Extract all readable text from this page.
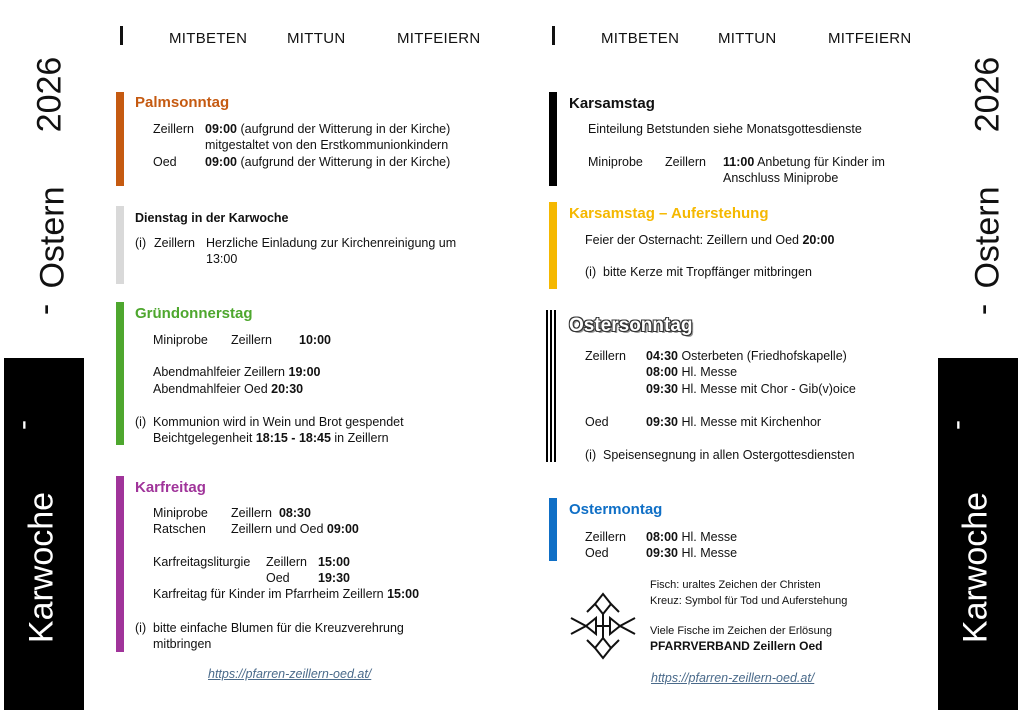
2026
Ostern
-
-
Karwoche
2026
Ostern
-
-
Karwoche
MITBETEN	MITTUN	MITFEIERN	MITBETEN	MITTUN	MITFEIERN
Palmsonntag
Zeillern 09:00 (aufgrund der Witterung in der Kirche)
mitgestaltet von den Erstkommunionkindern
Oed 09:00 (aufgrund der Witterung in der Kirche)
Dienstag in der Karwoche
(i) Zeillern Herzliche Einladung zur Kirchenreinigung um
13:00
Gründonnerstag
Miniprobe Zeillern 10:00
Abendmahlfeier Zeillern 19:00
Abendmahlfeier Oed 20:30
(i) Kommunion wird in Wein und Brot gespendet
Beichtgelegenheit 18:15 - 18:45 in Zeillern
Karfreitag
Miniprobe Zeillern 08:30
Ratschen Zeillern und Oed 09:00
Karfreitagsliturgie Zeillern 15:00
Oed 19:30
Karfreitag für Kinder im Pfarrheim Zeillern 15:00
(i) bitte einfache Blumen für die Kreuzverehrung
mitbringen
https://pfarren-zeillern-oed.at/
Karsamstag
Einteilung Betstunden siehe Monatsgottesdienste
Miniprobe Zeillern 11:00 Anbetung für Kinder im
Anschluss Miniprobe
Karsamstag – Auferstehung
Feier der Osternacht: Zeillern und Oed 20:00
(i) bitte Kerze mit Tropffänger mitbringen
Ostersonntag
Zeillern 04:30 Osterbeten (Friedhofskapelle)
08:00 Hl. Messe
09:30 Hl. Messe mit Chor - Gib(v)oice
Oed	09:30 Hl. Messe mit Kirchenhor
(i) Speisensegnung in allen Ostergottesdiensten
Ostermontag
Zeillern 08:00 Hl. Messe
Oed	09:30 Hl. Messe
Fisch: uraltes Zeichen der Christen
Kreuz: Symbol für Tod und Auferstehung
Viele Fische im Zeichen der Erlösung
PFARRVERBAND Zeillern Oed
https://pfarren-zeillern-oed.at/
